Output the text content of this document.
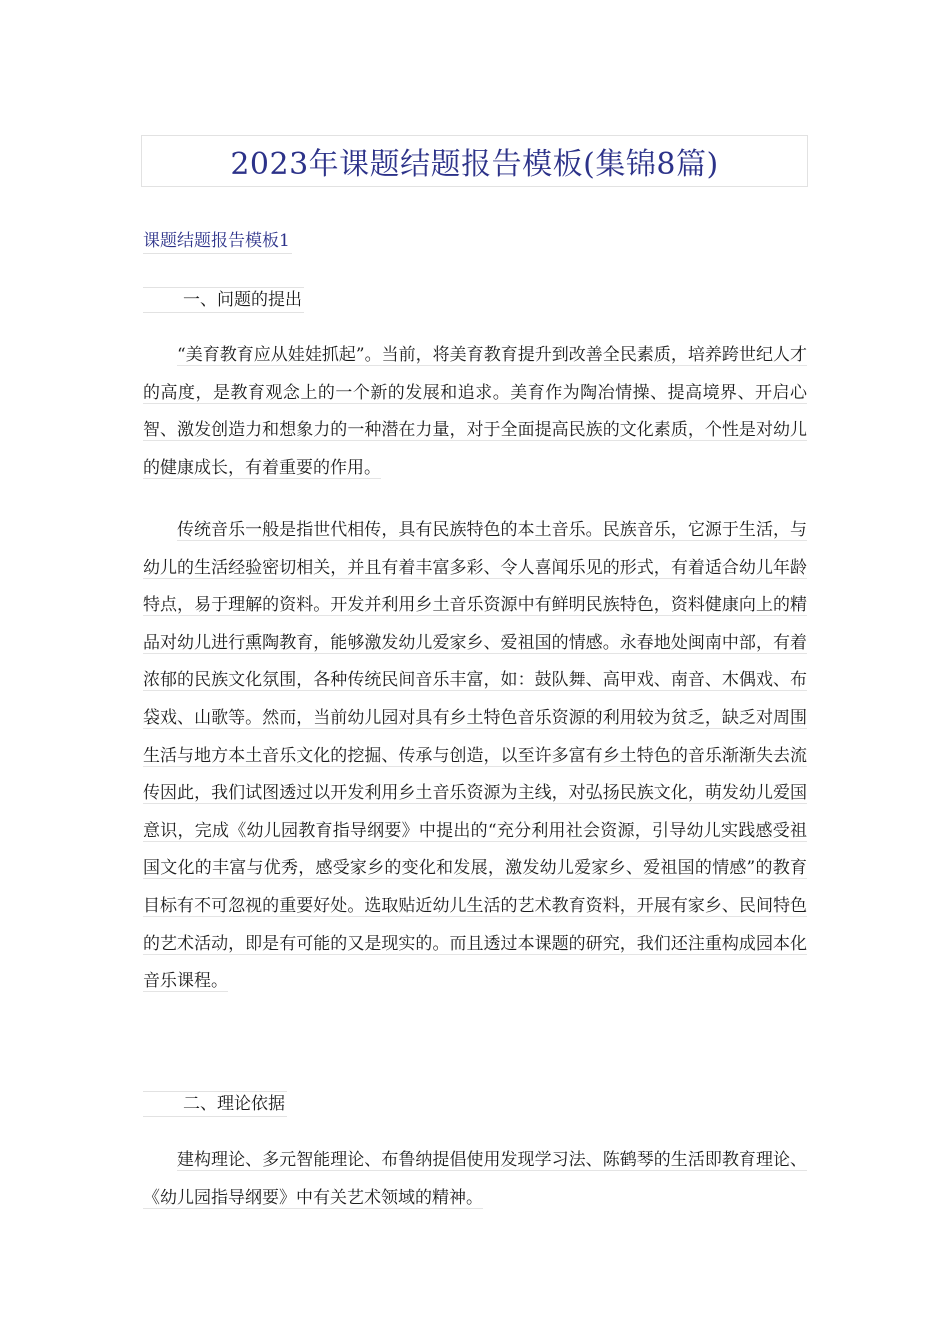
2023年课题结题报告模板(集锦8篇)
课题结题报告模板1
一、问题的提出

“美育教育应从娃娃抓起”。当前，将美育教育提升到改善全民素质，培养跨世纪人才的高度，是教育观念上的一个新的发展和追求。美育作为陶冶情操、提高境界、开启心智、激发创造力和想象力的一种潜在力量，对于全面提高民族的文化素质，个性是对幼儿的健康成长，有着重要的作用。

传统音乐一般是指世代相传，具有民族特色的本土音乐。民族音乐，它源于生活，与幼儿的生活经验密切相关，并且有着丰富多彩、令人喜闻乐见的形式，有着适合幼儿年龄特点，易于理解的资料。开发并利用乡土音乐资源中有鲜明民族特色，资料健康向上的精品对幼儿进行熏陶教育，能够激发幼儿爱家乡、爱祖国的情感。永春地处闽南中部，有着浓郁的民族文化氛围，各种传统民间音乐丰富，如：鼓队舞、高甲戏、南音、木偶戏、布袋戏、山歌等。然而，当前幼儿园对具有乡土特色音乐资源的利用较为贫乏，缺乏对周围生活与地方本土音乐文化的挖掘、传承与创造，以至许多富有乡土特色的音乐渐渐失去流传因此，我们试图透过以开发利用乡土音乐资源为主线，对弘扬民族文化，萌发幼儿爱国意识，完成《幼儿园教育指导纲要》中提出的“充分利用社会资源，引导幼儿实践感受祖国文化的丰富与优秀，感受家乡的变化和发展，激发幼儿爱家乡、爱祖国的情感”的教育目标有不可忽视的重要好处。选取贴近幼儿生活的艺术教育资料，开展有家乡、民间特色的艺术活动，即是有可能的又是现实的。而且透过本课题的研究，我们还注重构成园本化音乐课程。

二、理论依据

建构理论、多元智能理论、布鲁纳提倡使用发现学习法、陈鹤琴的生活即教育理论、《幼儿园指导纲要》中有关艺术领域的精神。
